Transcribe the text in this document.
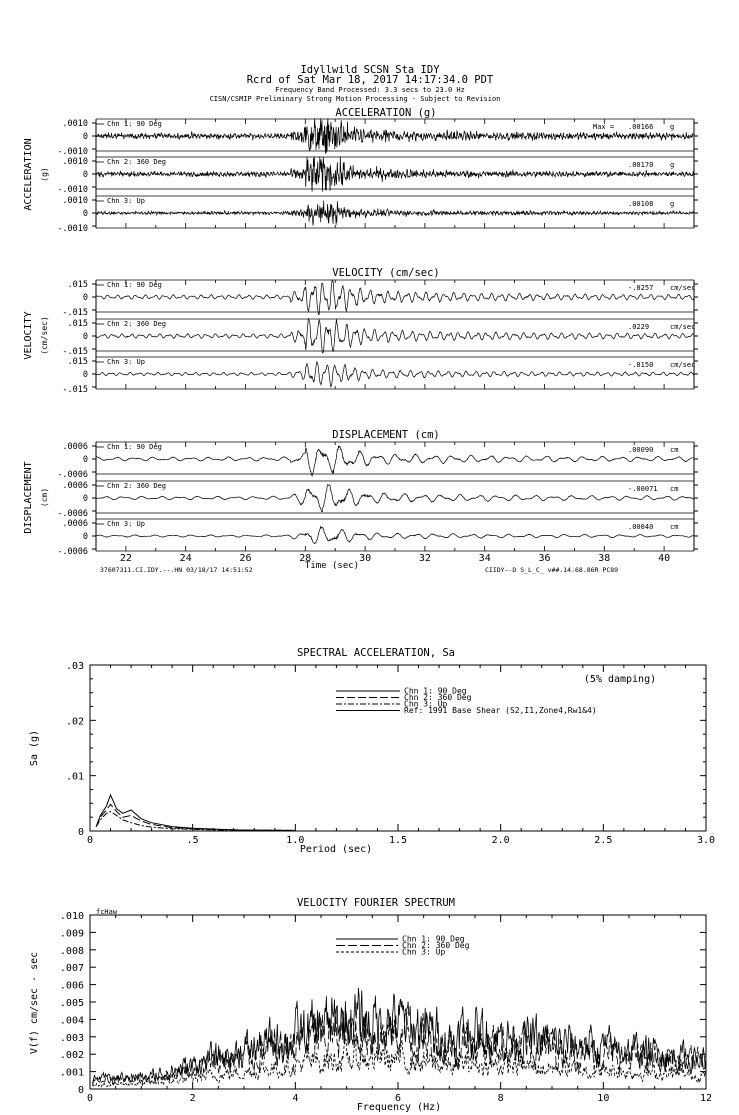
Idyllwild SCSN Sta IDY
Rcrd of Sat Mar 18, 2017 14:17:34.0 PDT
Frequency Band Processed: 3.3 secs to 23.0 Hz
CISN/CSMIP Preliminary Strong Motion Processing - Subject to Revision
ACCELERATION (g)
ACCELERATION (g)
.0010
0
-.0010
Chn 1: 90 Deg	Max = .00166 g
.0010
0
-.0010
Chn 2: 360 Deg	.00170 g
.0010
0
-.0010
Chn 3: Up	.00108 g
VELOCITY (cm/sec)
VELOCITY (cm/sec)
.015
0
-.015
Chn 1: 90 Deg	-.0257 cm/sec
.015
0
-.015
Chn 2: 360 Deg	.0229	cm/sec
.015
0
-.015
Chn 3: Up	-.0150 cm/sec
DISPLACEMENT (cm)
DISPLACEMENT (cm)
.0006
0
-.0006
Chn 1: 90 Deg	.00090 cm
.0006
0
-.0006
Chn 2: 360 Deg	-.00071 cm
.0006
0
-.0006
Chn 3: Up	.00040 cm
22	24	26	28	30	32	34	36	38	40
Time (sec)
37607311.CI.IDY.--.HN 03/18/17 14:51:52	CIIDY--D S_L_C_ v##.14.68.86R PC89
SPECTRAL ACCELERATION, Sa
Sa (g)
Period (sec)
(5% damping)
0
.01
.02
.03
0	.5	1.0	1.5	2.0	2.5	3.0
Chn 1: 90 Deg
Chn 2: 360 Deg
Chn 3: Up
Ref: 1991 Base Shear (S2,I1,Zone4,Rw1&4)
VELOCITY FOURIER SPECTRUM
fcHaw
V(f) cm/sec - sec
Frequency (Hz)
0
.001
.002
.003
.004
.005
.006
.007
.008
.009
.010
0	2	4	6	8	10	12
Chn 1: 90 Deg
Chn 2: 360 Deg
Chn 3: Up
